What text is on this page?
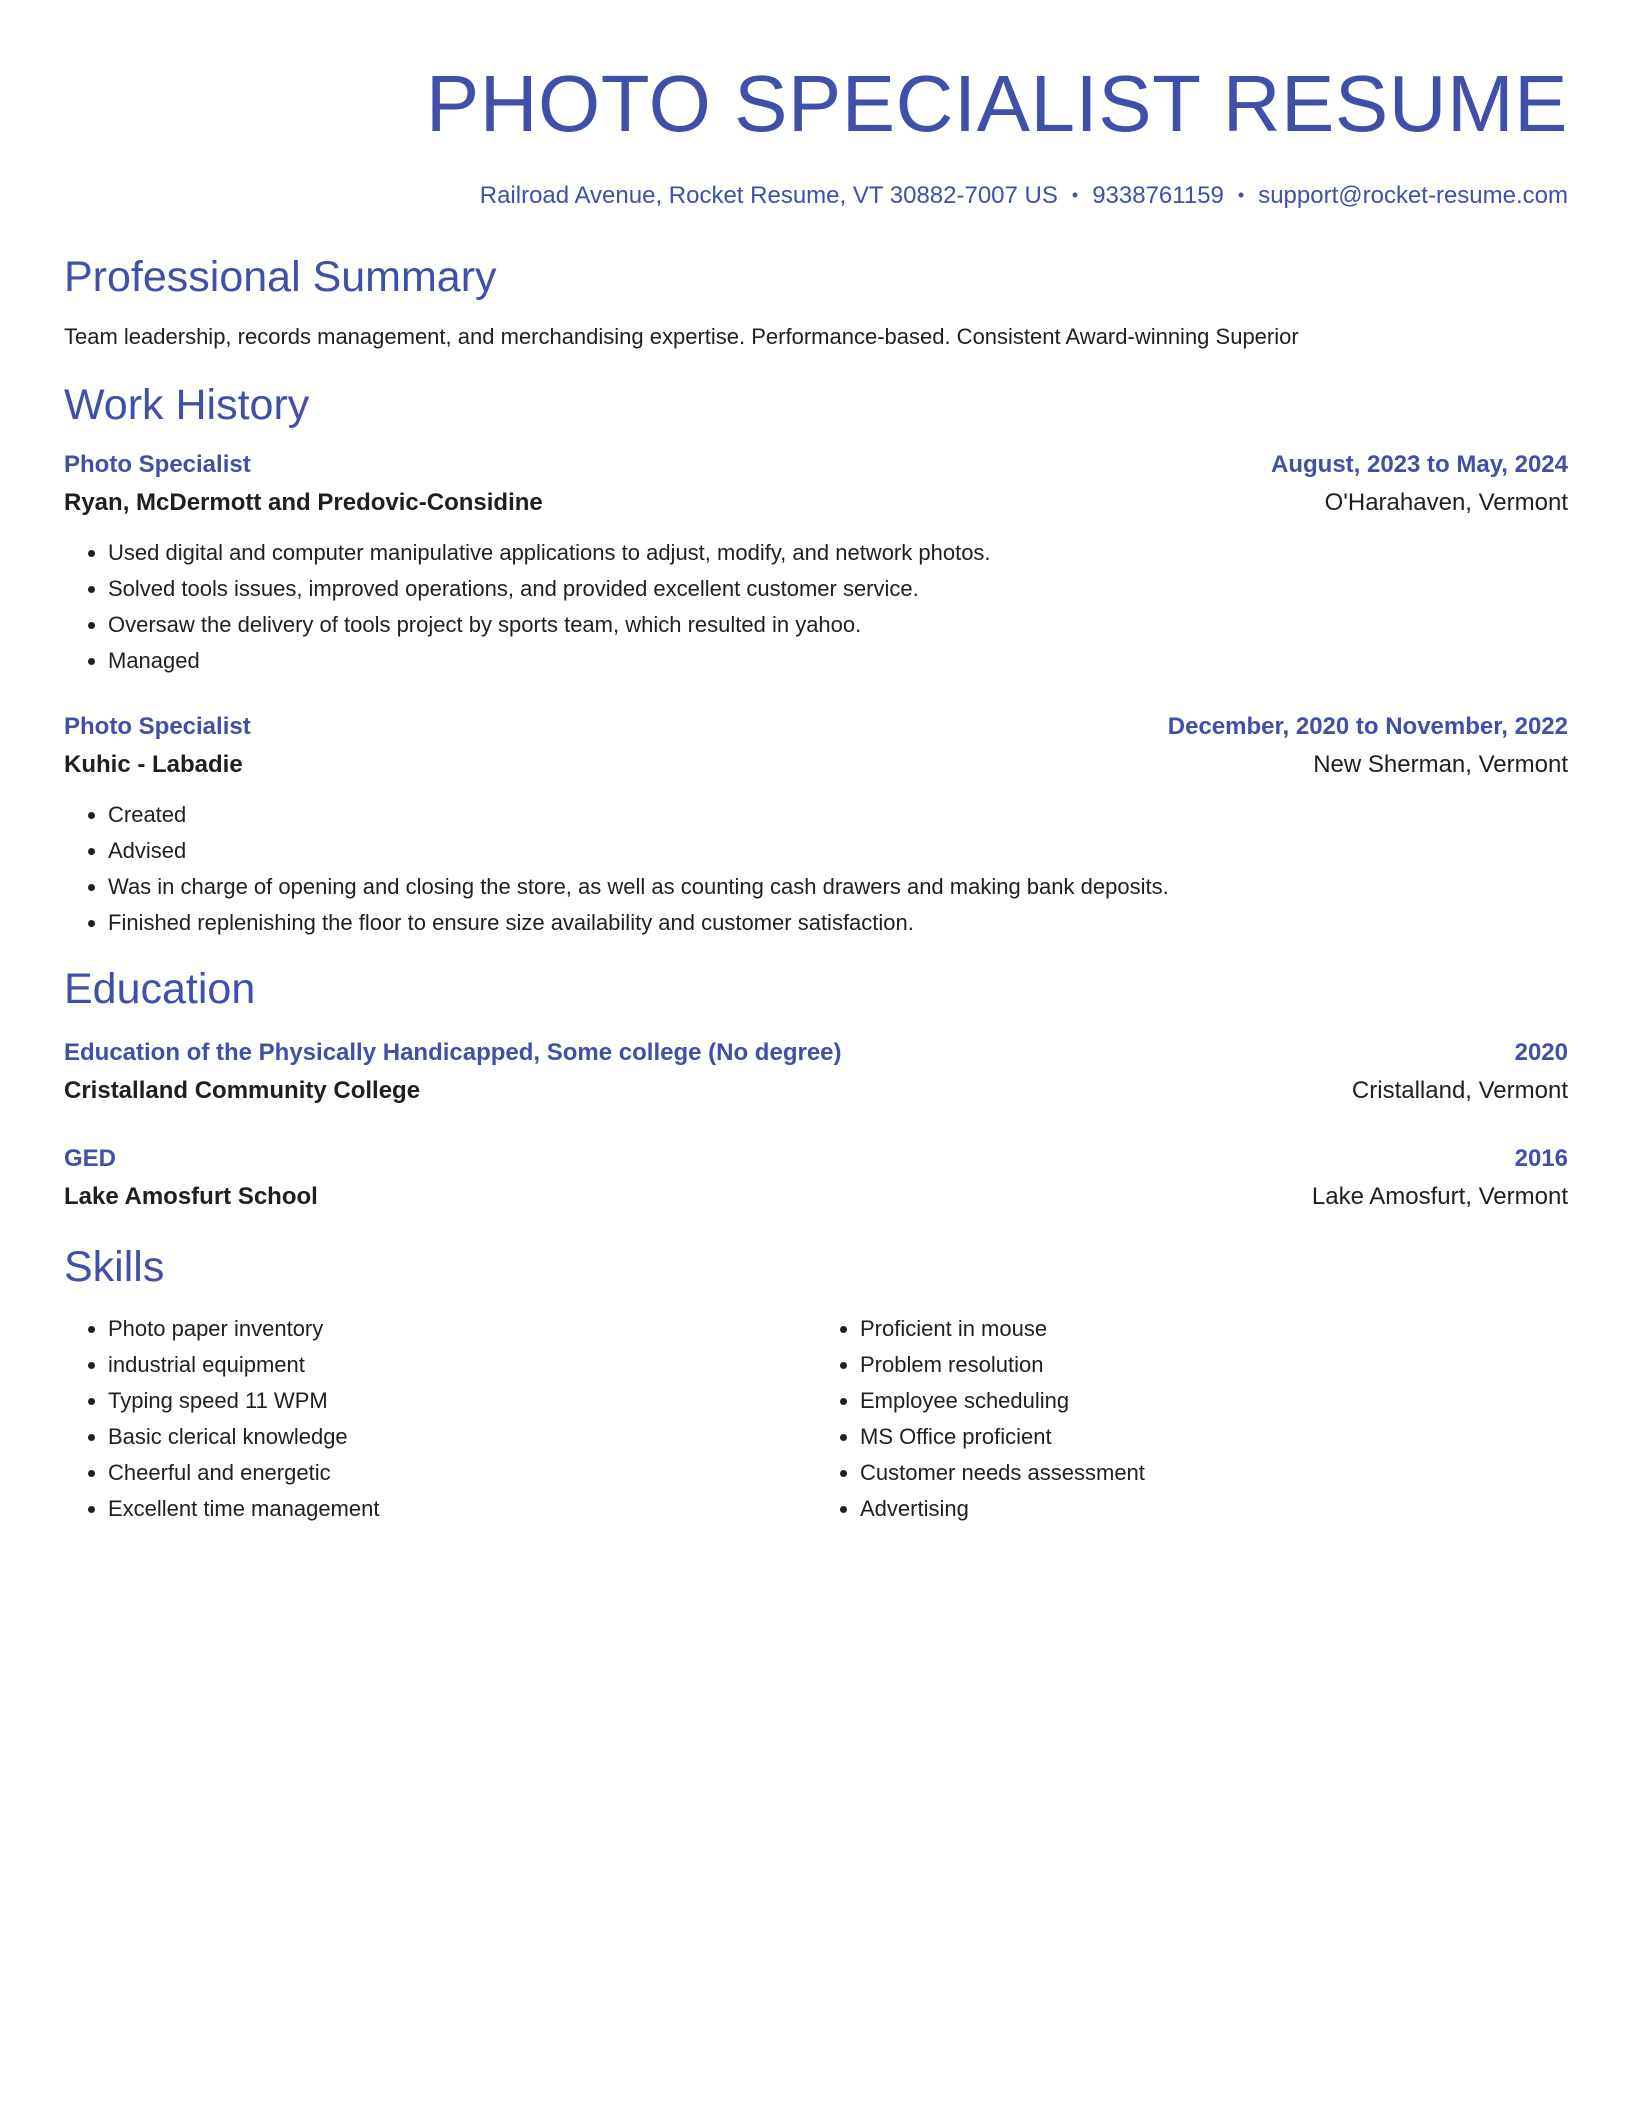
PHOTO SPECIALIST RESUME
Railroad Avenue, Rocket Resume, VT 30882-7007 US • 9338761159 • support@rocket-resume.com
Professional Summary
Team leadership, records management, and merchandising expertise. Performance-based. Consistent Award-winning Superior
Work History
Photo Specialist	August, 2023 to May, 2024
Ryan, McDermott and Predovic-Considine	O'Harahaven, Vermont
• Used digital and computer manipulative applications to adjust, modify, and network photos.
• Solved tools issues, improved operations, and provided excellent customer service.
• Oversaw the delivery of tools project by sports team, which resulted in yahoo.
• Managed
Photo Specialist	December, 2020 to November, 2022
Kuhic - Labadie	New Sherman, Vermont
• Created
• Advised
• Was in charge of opening and closing the store, as well as counting cash drawers and making bank deposits.
• Finished replenishing the floor to ensure size availability and customer satisfaction.
Education
Education of the Physically Handicapped, Some college (No degree)	2020
Cristalland Community College	Cristalland, Vermont
GED	2016
Lake Amosfurt School	Lake Amosfurt, Vermont
Skills
• Photo paper inventory
• industrial equipment
• Typing speed 11 WPM
• Basic clerical knowledge
• Cheerful and energetic
• Excellent time management
• Proficient in mouse
• Problem resolution
• Employee scheduling
• MS Office proficient
• Customer needs assessment
• Advertising
